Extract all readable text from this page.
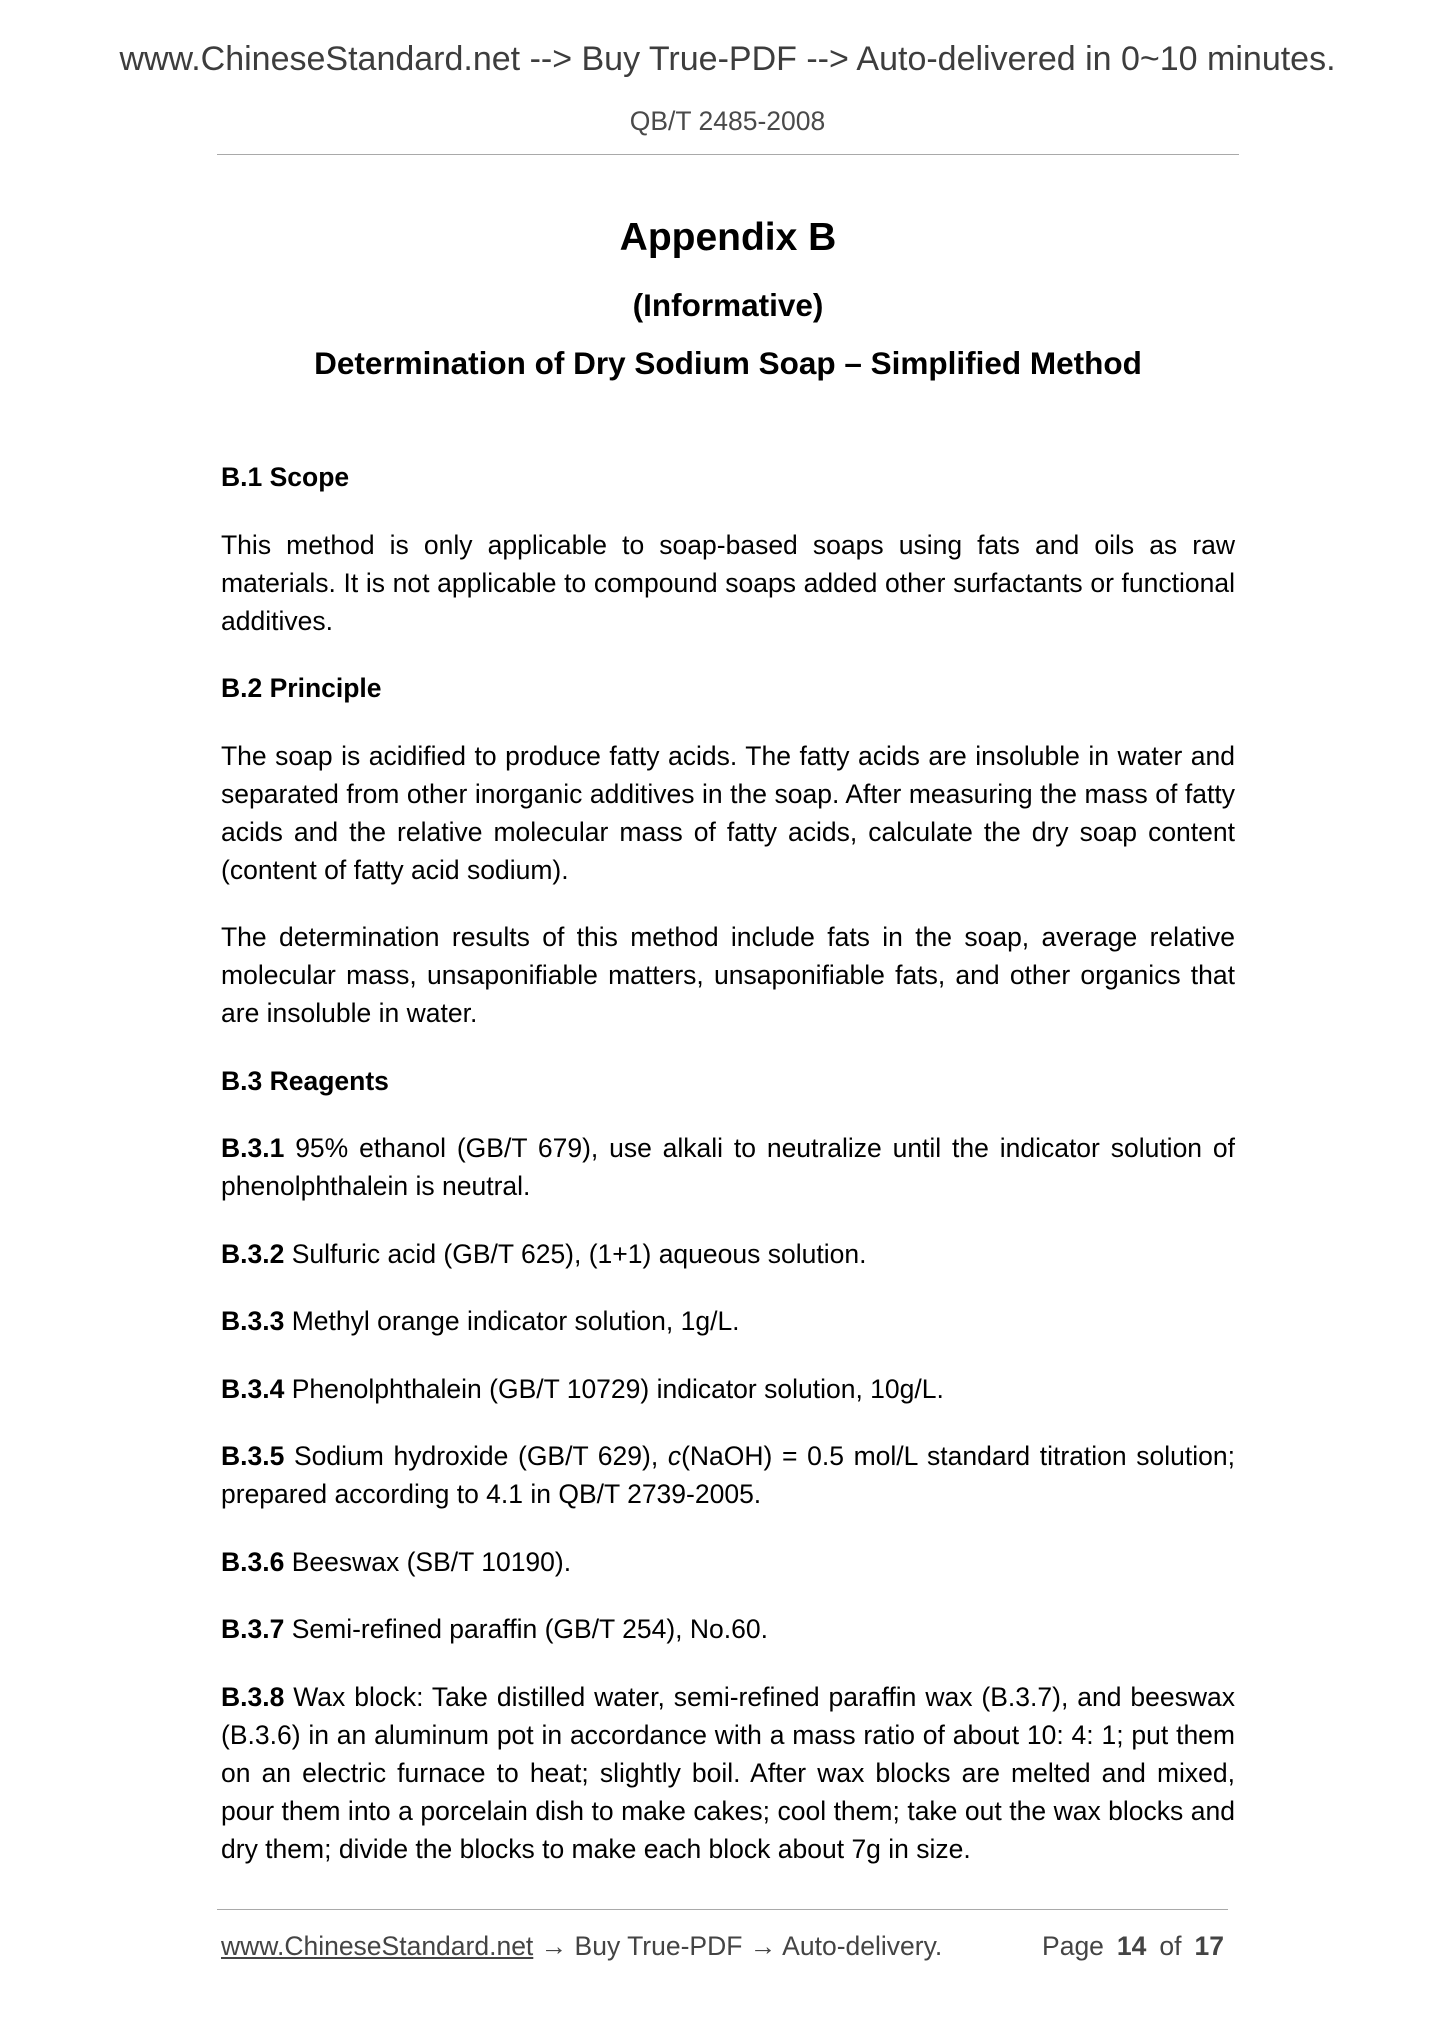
www.ChineseStandard.net --> Buy True-PDF --> Auto-delivered in 0~10 minutes.
QB/T 2485-2008
Appendix B
(Informative)
Determination of Dry Sodium Soap – Simplified Method
B.1 Scope

This method is only applicable to soap-based soaps using fats and oils as raw materials. It is not applicable to compound soaps added other surfactants or functional additives.

B.2 Principle

The soap is acidified to produce fatty acids. The fatty acids are insoluble in water and separated from other inorganic additives in the soap. After measuring the mass of fatty acids and the relative molecular mass of fatty acids, calculate the dry soap content (content of fatty acid sodium).

The determination results of this method include fats in the soap, average relative molecular mass, unsaponifiable matters, unsaponifiable fats, and other organics that are insoluble in water.

B.3 Reagents

B.3.1 95% ethanol (GB/T 679), use alkali to neutralize until the indicator solution of phenolphthalein is neutral.

B.3.2 Sulfuric acid (GB/T 625), (1+1) aqueous solution.

B.3.3 Methyl orange indicator solution, 1g/L.

B.3.4 Phenolphthalein (GB/T 10729) indicator solution, 10g/L.

B.3.5 Sodium hydroxide (GB/T 629), c(NaOH) = 0.5 mol/L standard titration solution; prepared according to 4.1 in QB/T 2739-2005.

B.3.6 Beeswax (SB/T 10190).

B.3.7 Semi-refined paraffin (GB/T 254), No.60.

B.3.8 Wax block: Take distilled water, semi-refined paraffin wax (B.3.7), and beeswax (B.3.6) in an aluminum pot in accordance with a mass ratio of about 10: 4: 1; put them on an electric furnace to heat; slightly boil. After wax blocks are melted and mixed, pour them into a porcelain dish to make cakes; cool them; take out the wax blocks and dry them; divide the blocks to make each block about 7g in size.

www.ChineseStandard.net → Buy True-PDF → Auto-delivery.	Page 14 of 17
